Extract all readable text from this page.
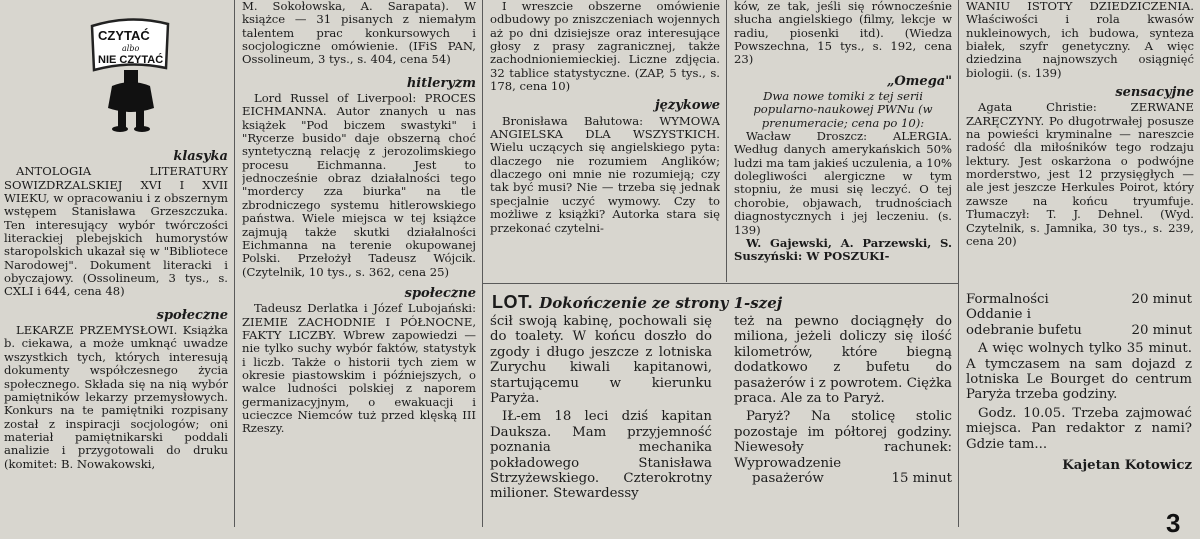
CZYTAĆ
albo
NIE CZYTAĆ
klasyka

ANTOLOGIA LITERATURY SOWIZDRZALSKIEJ XVI I XVII WIEKU, w opracowaniu i z obszernym wstępem Stanisława Grzeszczuka. Ten interesujący wybór twórczości literackiej plebejskich humorystów staropolskich ukazał się w "Bibliotece Narodowej". Dokument literacki i obyczajowy. (Ossolineum, 3 tys., s. CXLI i 644, cena 48)

społeczne

LEKARZE PRZEMYSŁOWI. Książka b. ciekawa, a może umknąć uwadze wszystkich tych, których interesują dokumenty współczesnego życia społecznego. Składa się na nią wybór pamiętników lekarzy przemysłowych. Konkurs na te pamiętniki rozpisany został z inspiracji socjologów; oni materiał pamiętnikarski poddali analizie i przygotowali do druku (komitet: B. Nowakowski,

M. Sokołowska, A. Sarapata). W książce — 31 pisanych z niemałym talentem prac konkursowych i socjologiczne omówienie. (IFiS PAN, Ossolineum, 3 tys., s. 404, cena 54)

hitleryzm

Lord Russel of Liverpool: PROCES EICHMANNA. Autor znanych u nas książek "Pod biczem swastyki" i "Rycerze busido" daje obszerną choć syntetyczną relację z jerozolimskiego procesu Eichmanna. Jest to jednocześnie obraz działalności tego "mordercy zza biurka" na tle zbrodniczego systemu hitlerowskiego państwa. Wiele miejsca w tej książce zajmują także skutki działalności Eichmanna na terenie okupowanej Polski. Przełożył Tadeusz Wójcik. (Czytelnik, 10 tys., s. 362, cena 25)

społeczne

Tadeusz Derlatka i Józef Lubojański: ZIEMIE ZACHODNIE I PÓŁNOCNE, FAKTY LICZBY. Wbrew zapowiedzi — nie tylko suchy wybór faktów, statystyk i liczb. Także o historii tych ziem w okresie piastowskim i późniejszych, o walce ludności polskiej z naporem germanizacyjnym, o ewakuacji i ucieczce Niemców tuż przed klęską III Rzeszy.

I wreszcie obszerne omówienie odbudowy po zniszczeniach wojennych aż po dni dzisiejsze oraz interesujące głosy z prasy zagranicznej, także zachodnioniemieckiej. Liczne zdjęcia. 32 tablice statystyczne. (ZAP, 5 tys., s. 178, cena 10)

językowe

Bronisława Bałutowa: WYMOWA ANGIELSKA DLA WSZYSTKICH. Wielu uczących się angielskiego pyta: dlaczego nie rozumiem Anglików; dlaczego oni mnie nie rozumieją; czy tak być musi? Nie — trzeba się jednak specjalnie uczyć wymowy. Czy to możliwe z książki? Autorka stara się przekonać czytelni-

ków, ze tak, jeśli się równocześnie słucha angielskiego (filmy, lekcje w radiu, piosenki itd). (Wiedza Powszechna, 15 tys., s. 192, cena 23)

„Omega"

Dwa nowe tomiki z tej serii popularno-naukowej PWNu (w prenumeracie; cena po 10):

Wacław Droszcz: ALERGIA. Według danych amerykańskich 50% ludzi ma tam jakieś uczulenia, a 10% dolegliwości alergiczne w tym stopniu, że musi się leczyć. O tej chorobie, objawach, trudnościach diagnostycznych i jej leczeniu. (s. 139)

W. Gajewski, A. Parzewski, S. Suszyński: W POSZUKI-

WANIU ISTOTY DZIEDZICZENIA. Właściwości i rola kwasów nukleinowych, ich budowa, synteza białek, szyfr genetyczny. A więc dziedzina najnowszych osiągnięć biologii. (s. 139)

sensacyjne

Agata Christie: ZERWANE ZARĘCZYNY. Po długotrwałej posusze na powieści kryminalne — nareszcie radość dla miłośników tego rodzaju lektury. Jest oskarżona o podwójne morderstwo, jest 12 przysięgłych — ale jest jeszcze Herkules Poirot, który zawsze na końcu tryumfuje. Tłumaczył: T. J. Dehnel. (Wyd. Czytelnik, s. Jamnika, 30 tys., s. 239, cena 20)

LOT. Dokończenie ze strony 1-szej

ścił swoją kabinę, pochowali się do toalety. W końcu doszło do zgody i długo jeszcze z lotniska Zurychu kiwali kapitanowi, startującemu w kierunku Paryża.

IŁ-em 18 leci dziś kapitan Dauksza. Mam przyjemność poznania mechanika pokładowego Stanisława Strzyżewskiego. Czterokrotny milioner. Stewardessy

też na pewno dociągnęły do miliona, jeżeli doliczy się ilość kilometrów, które biegną dodatkowo z bufetu do pasażerów i z powrotem. Ciężka praca. Ale za to Paryż.

Paryż? Na stolicę stolic pozostaje im półtorej godziny. Niewesoły rachunek: Wyprowadzenie

pasażerów	15 minut
Formalności	20 minut
Oddanie i odebranie bufetu	20 minut

A więc wolnych tylko 35 minut. A tymczasem na sam dojazd z lotniska Le Bourget do centrum Paryża trzeba godziny.

Godz. 10.05. Trzeba zajmować miejsca. Pan redaktor z nami? Gdzie tam...

Kajetan Kotowicz
3
